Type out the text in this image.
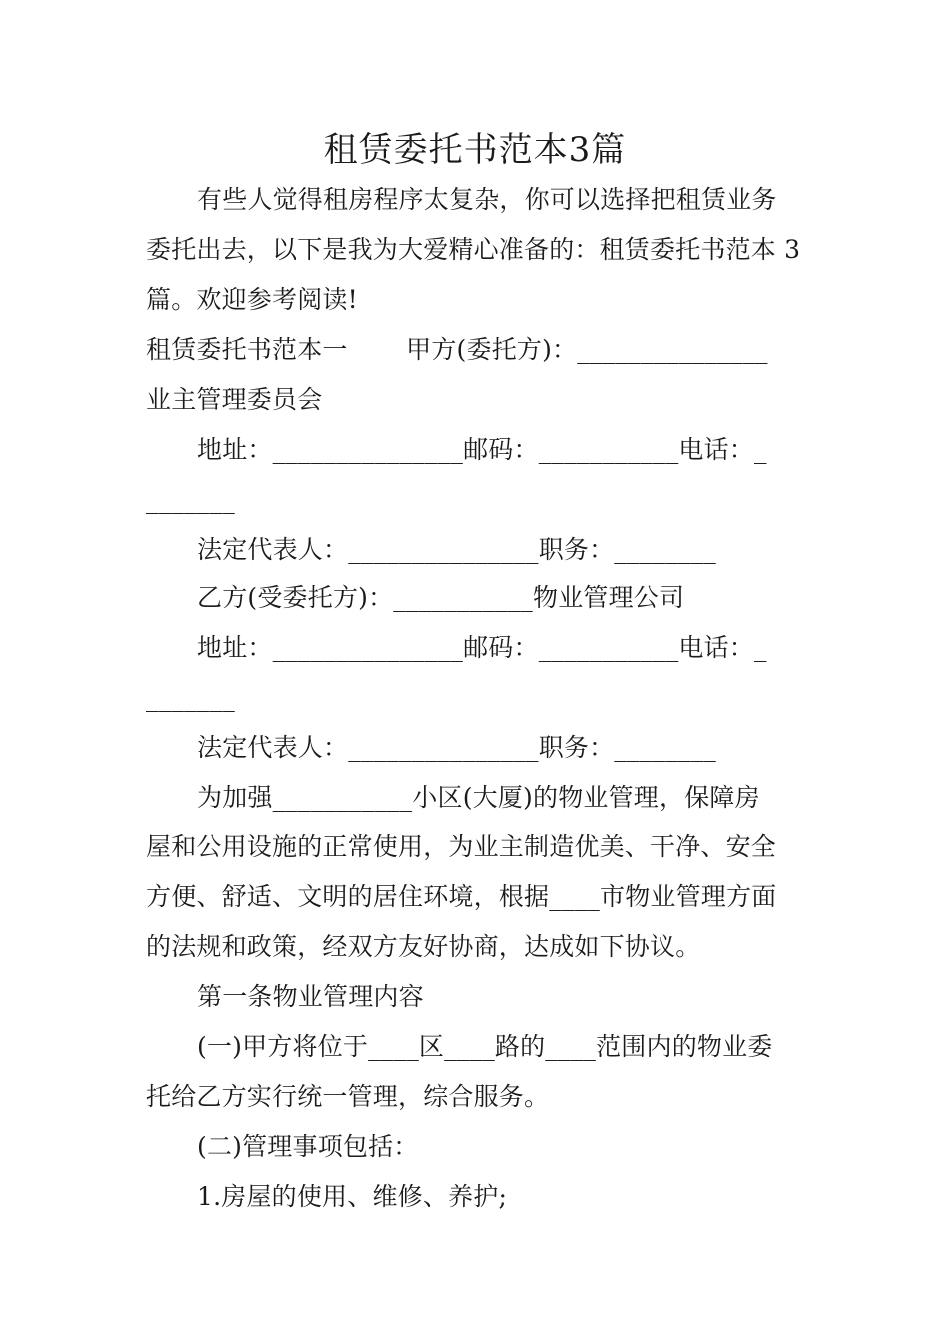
租赁委托书范本3篇
有些人觉得租房程序太复杂，你可以选择把租赁业务
委托出去，以下是我为大爱精心准备的：租赁委托书范本 3
篇。欢迎参考阅读!
租赁委托书范本一　　 甲方(委托方)：_______________
业主管理委员会
地址：_______________邮码：___________电话：_
_______
法定代表人：_______________职务：________
乙方(受委托方)：___________物业管理公司
地址：_______________邮码：___________电话：_
_______
法定代表人：_______________职务：________
为加强___________小区(大厦)的物业管理，保障房
屋和公用设施的正常使用，为业主制造优美、干净、安全
方便、舒适、文明的居住环境，根据____市物业管理方面
的法规和政策，经双方友好协商，达成如下协议。
第一条物业管理内容
(一)甲方将位于____区____路的____范围内的物业委
托给乙方实行统一管理，综合服务。
(二)管理事项包括：
1.房屋的使用、维修、养护;
